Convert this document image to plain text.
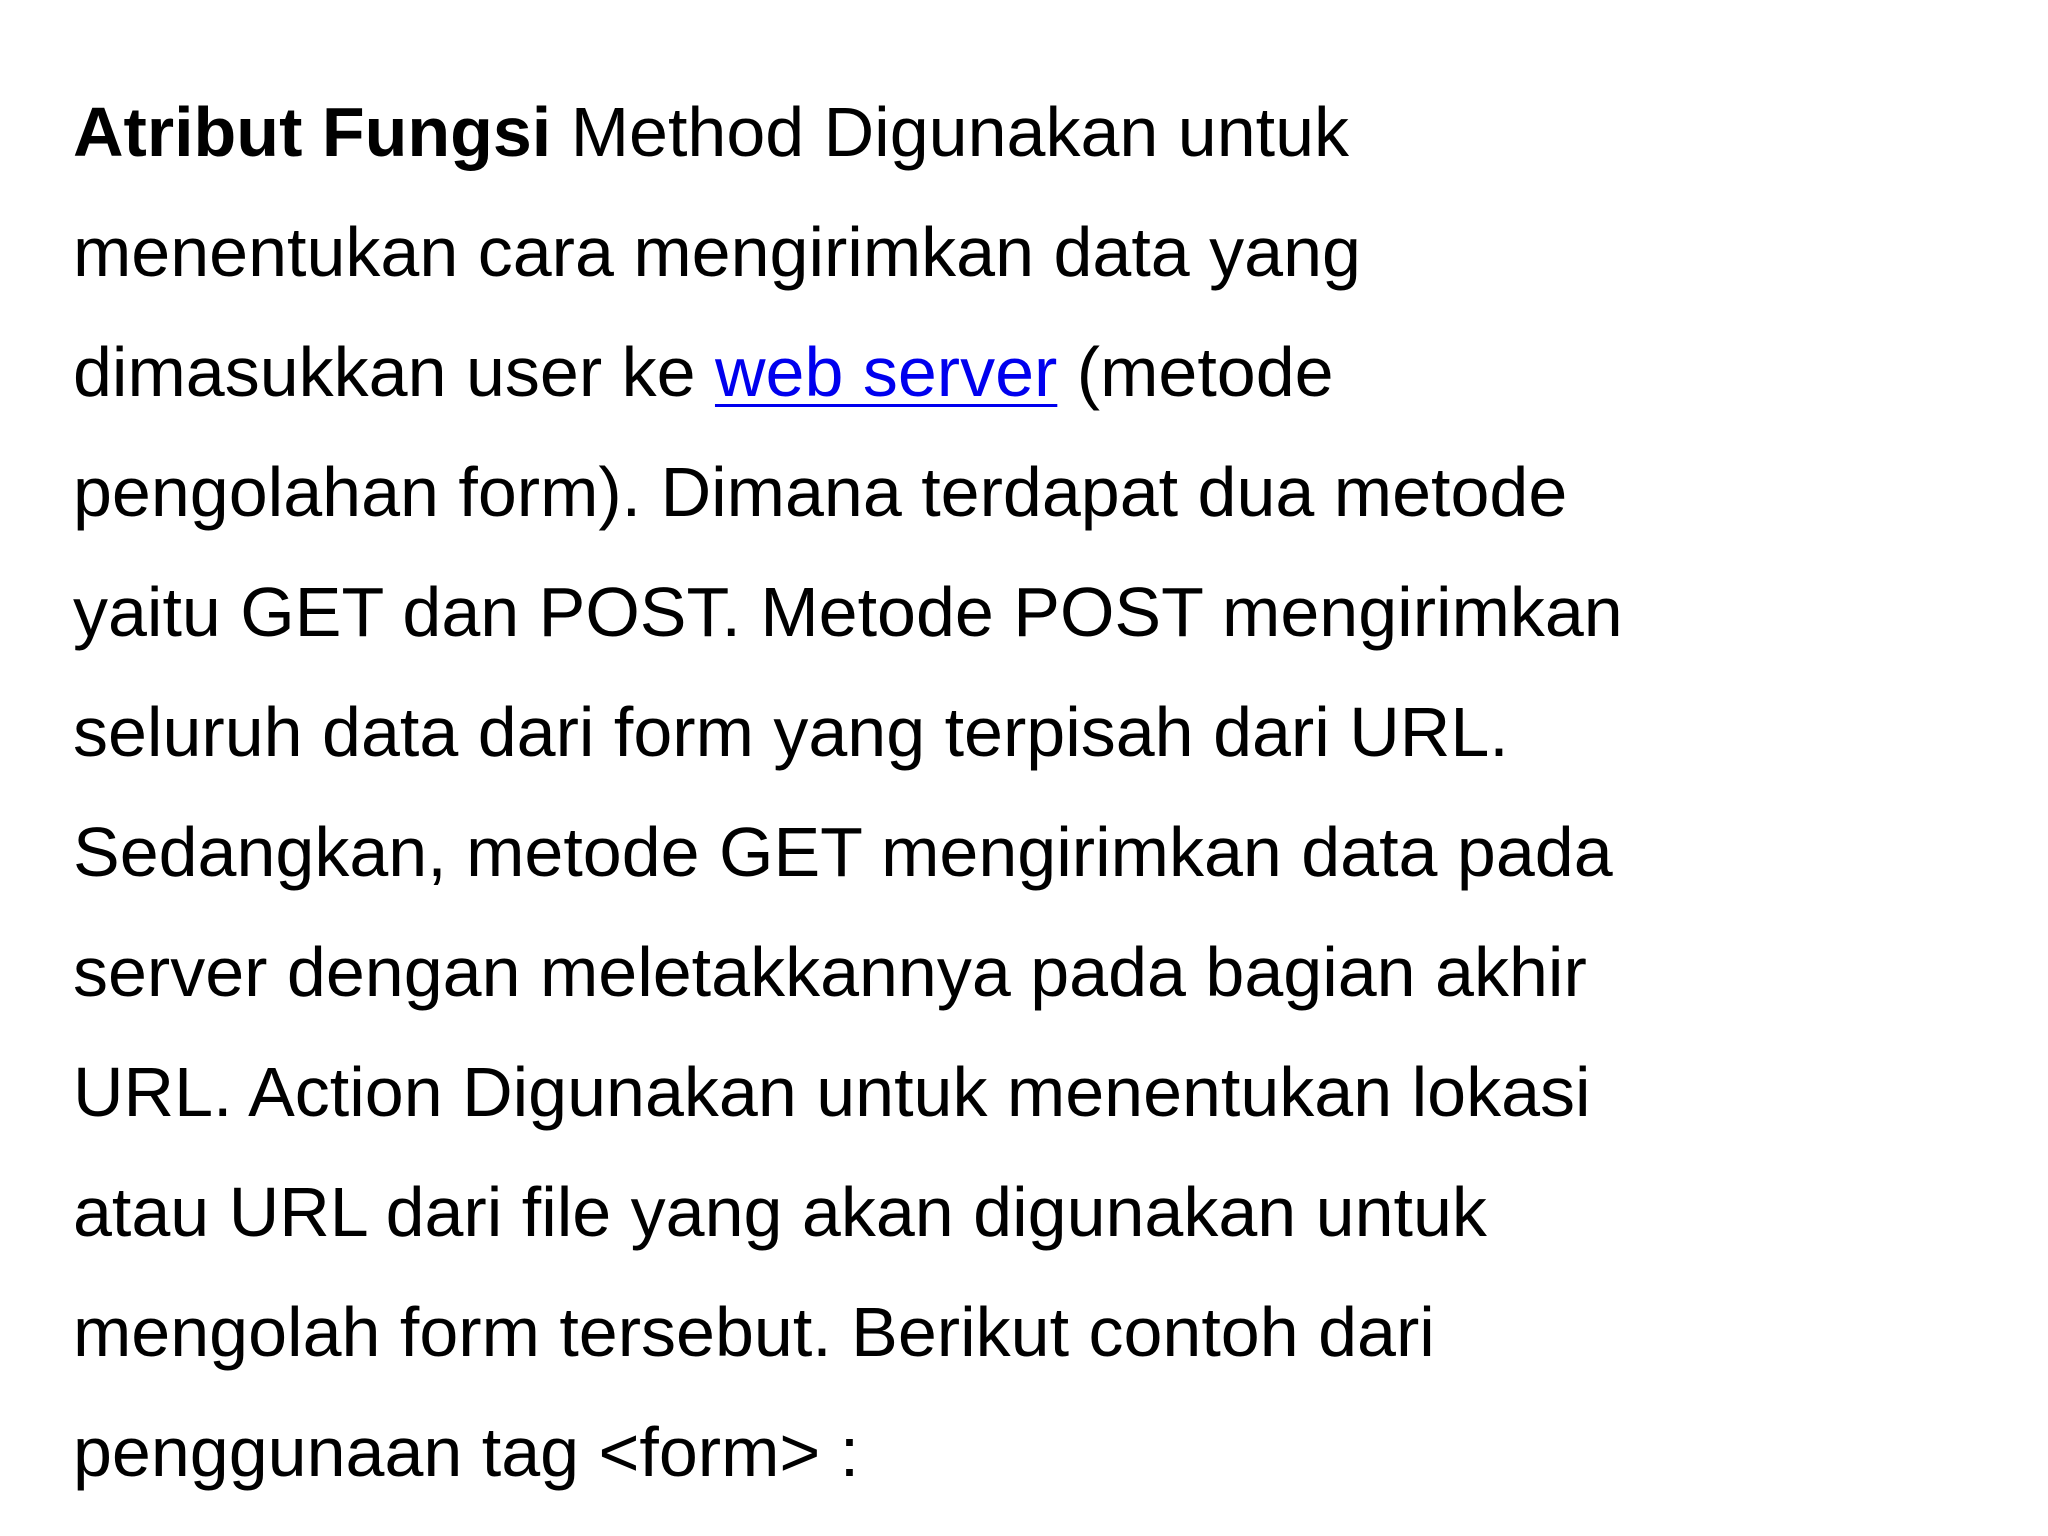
Atribut Fungsi Method Digunakan untuk
menentukan cara mengirimkan data yang
dimasukkan user ke web server (metode
pengolahan form). Dimana terdapat dua metode
yaitu GET dan POST. Metode POST mengirimkan
seluruh data dari form yang terpisah dari URL.
Sedangkan, metode GET mengirimkan data pada
server dengan meletakkannya pada bagian akhir
URL. Action Digunakan untuk menentukan lokasi
atau URL dari file yang akan digunakan untuk
mengolah form tersebut. Berikut contoh dari
penggunaan tag <form> :
